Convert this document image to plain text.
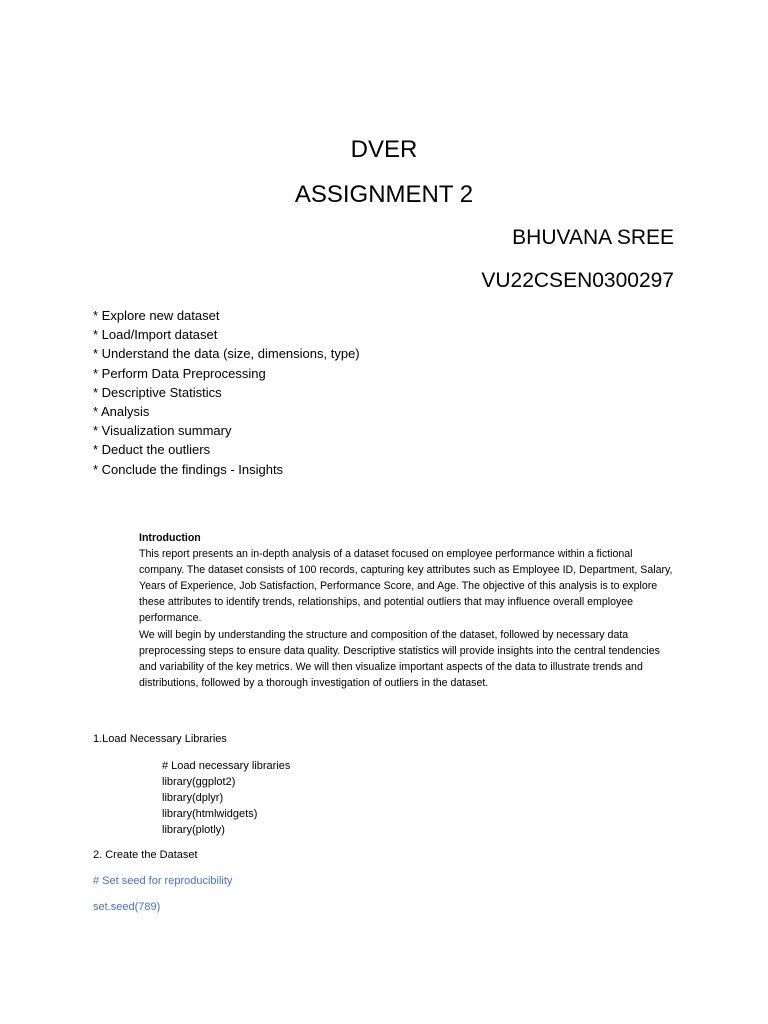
DVER
ASSIGNMENT 2
BHUVANA SREE
VU22CSEN0300297
* Explore new dataset
* Load/Import dataset
* Understand the data (size, dimensions, type)
* Perform Data Preprocessing
* Descriptive Statistics
* Analysis
* Visualization summary
* Deduct the outliers
* Conclude the findings - Insights
Introduction

This report presents an in-depth analysis of a dataset focused on employee performance within a fictional company. The dataset consists of 100 records, capturing key attributes such as Employee ID, Department, Salary, Years of Experience, Job Satisfaction, Performance Score, and Age. The objective of this analysis is to explore these attributes to identify trends, relationships, and potential outliers that may influence overall employee performance.

We will begin by understanding the structure and composition of the dataset, followed by necessary data preprocessing steps to ensure data quality. Descriptive statistics will provide insights into the central tendencies and variability of the key metrics. We will then visualize important aspects of the data to illustrate trends and distributions, followed by a thorough investigation of outliers in the dataset.

1.Load Necessary Libraries
# Load necessary libraries
library(ggplot2)
library(dplyr)
library(htmlwidgets)
library(plotly)
2. Create the Dataset
# Set seed for reproducibility
set.seed(789)
